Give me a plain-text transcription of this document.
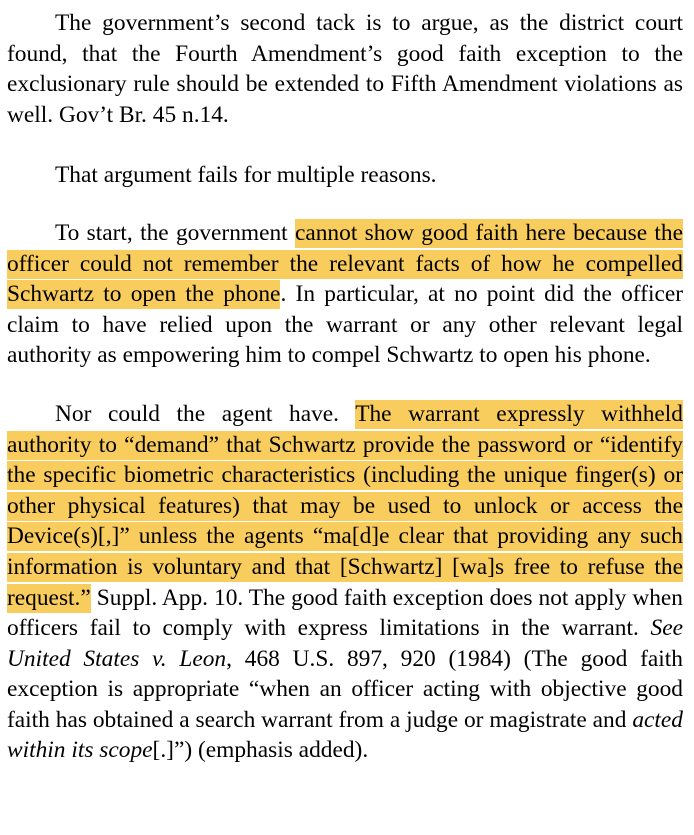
The government’s second tack is to argue, as the district court found, that the Fourth Amendment’s good faith exception to the exclusionary rule should be extended to Fifth Amendment violations as well. Gov’t Br. 45 n.14.

That argument fails for multiple reasons.

To start, the government cannot show good faith here because the officer could not remember the relevant facts of how he compelled Schwartz to open the phone. In particular, at no point did the officer claim to have relied upon the warrant or any other relevant legal authority as empowering him to compel Schwartz to open his phone.

Nor could the agent have. The warrant expressly withheld authority to “demand” that Schwartz provide the password or “identify the specific biometric characteristics (including the unique finger(s) or other physical features) that may be used to unlock or access the Device(s)[,]” unless the agents “ma[d]e clear that providing any such information is voluntary and that [Schwartz] [wa]s free to refuse the request.” Suppl. App. 10. The good faith exception does not apply when officers fail to comply with express limitations in the warrant. See United States v. Leon, 468 U.S. 897, 920 (1984) (The good faith exception is appropriate “when an officer acting with objective good faith has obtained a search warrant from a judge or magistrate and acted within its scope[.]”) (emphasis added).
